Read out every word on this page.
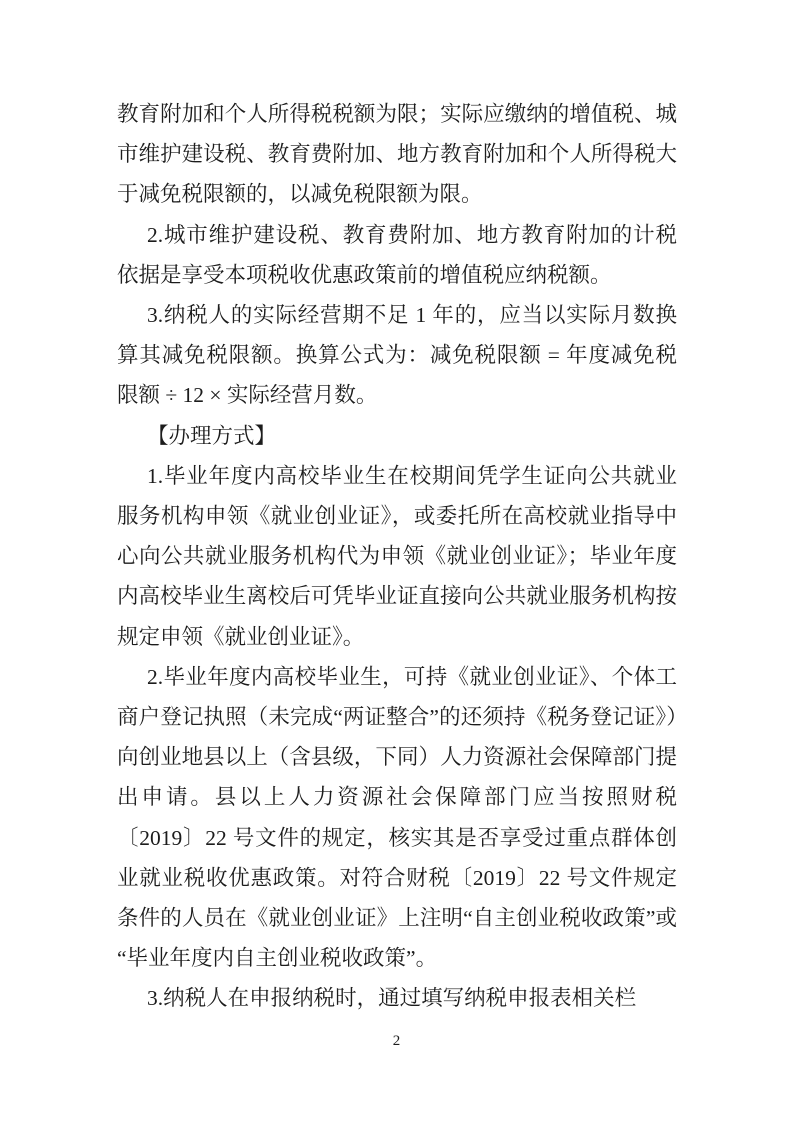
教育附加和个人所得税税额为限；实际应缴纳的增值税、城市维护建设税、教育费附加、地方教育附加和个人所得税大于减免税限额的，以减免税限额为限。

2.城市维护建设税、教育费附加、地方教育附加的计税依据是享受本项税收优惠政策前的增值税应纳税额。

3.纳税人的实际经营期不足 1 年的，应当以实际月数换算其减免税限额。换算公式为：减免税限额 = 年度减免税限额 ÷ 12 × 实际经营月数。

【办理方式】

1.毕业年度内高校毕业生在校期间凭学生证向公共就业服务机构申领《就业创业证》，或委托所在高校就业指导中心向公共就业服务机构代为申领《就业创业证》；毕业年度内高校毕业生离校后可凭毕业证直接向公共就业服务机构按规定申领《就业创业证》。

2.毕业年度内高校毕业生，可持《就业创业证》、个体工商户登记执照（未完成“两证整合”的还须持《税务登记证》）向创业地县以上（含县级，下同）人力资源社会保障部门提出申请。县以上人力资源社会保障部门应当按照财税〔2019〕22 号文件的规定，核实其是否享受过重点群体创业就业税收优惠政策。对符合财税〔2019〕22 号文件规定条件的人员在《就业创业证》上注明“自主创业税收政策”或“毕业年度内自主创业税收政策”。

3.纳税人在申报纳税时，通过填写纳税申报表相关栏

2
